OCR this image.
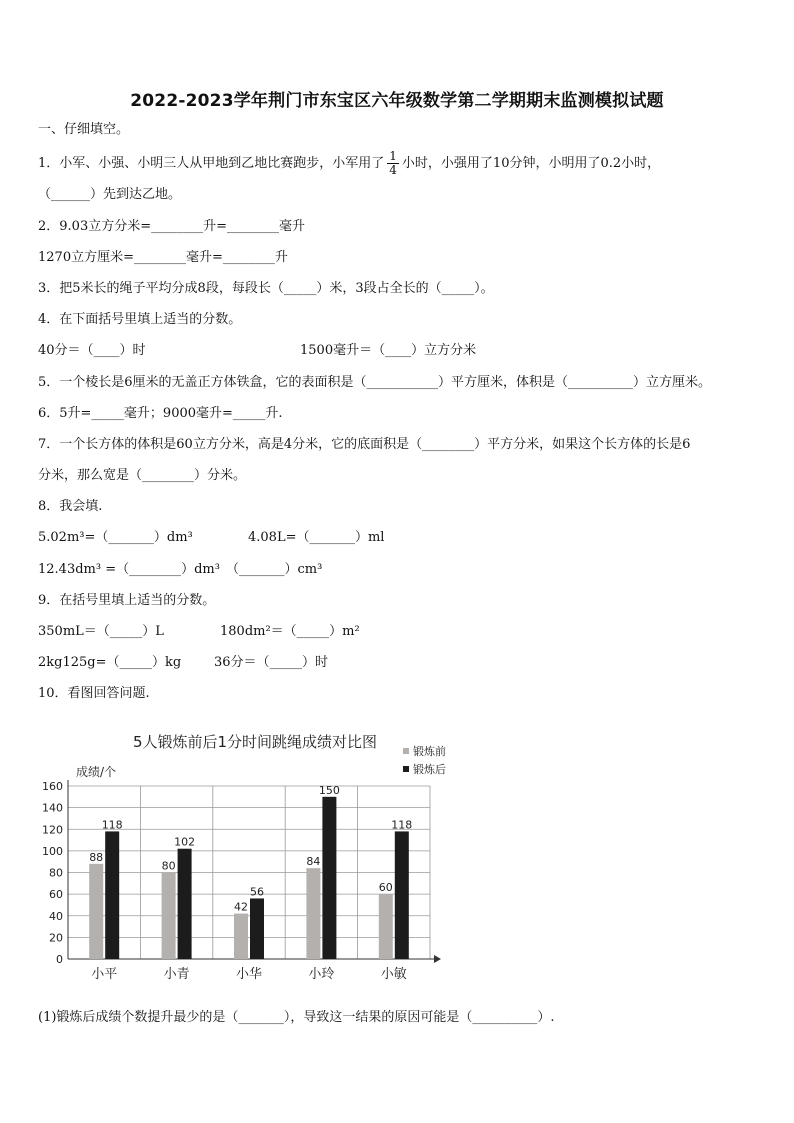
2022-2023学年荆门市东宝区六年级数学第二学期期末监测模拟试题
一、仔细填空。
1．小军、小强、小明三人从甲地到乙地比赛跑步，小军用了 $\frac{1}{4}$ 小时，小强用了10分钟，小明用了0.2小时，
（______）先到达乙地。
2．9.03立方分米=________升=________毫升
1270立方厘米=________毫升=________升
3．把5米长的绳子平均分成8段，每段长（_____）米，3段占全长的（_____）。
4．在下面括号里填上适当的分数。
40分＝（____）时	1500毫升＝（____）立方分米
5．一个棱长是6厘米的无盖正方体铁盒，它的表面积是（___________）平方厘米，体积是（__________）立方厘米。
6．5升=_____毫升；9000毫升=_____升.
7．一个长方体的体积是60立方分米，高是4分米，它的底面积是（________）平方分米，如果这个长方体的长是6
分米，那么宽是（________）分米。
8．我会填.
5.02m³=（_______）dm³	4.08L=（_______）ml
12.43dm³ =（________）dm³ （_______）cm³
9．在括号里填上适当的分数。
350mL＝（_____）L	180dm²＝（_____）m²
2kg125g=（_____）kg	36分＝（_____）时
10．看图回答问题.
5人锻炼前后1分时间跳绳成绩对比图
成绩/个
0
20
40
60
80
100
120
140
160
88
118
小平
80
102
小青
42
56
小华
84
150
小玲
60
118
小敏
锻炼前
锻炼后
(1)锻炼后成绩个数提升最少的是（_______），导致这一结果的原因可能是（__________）.
